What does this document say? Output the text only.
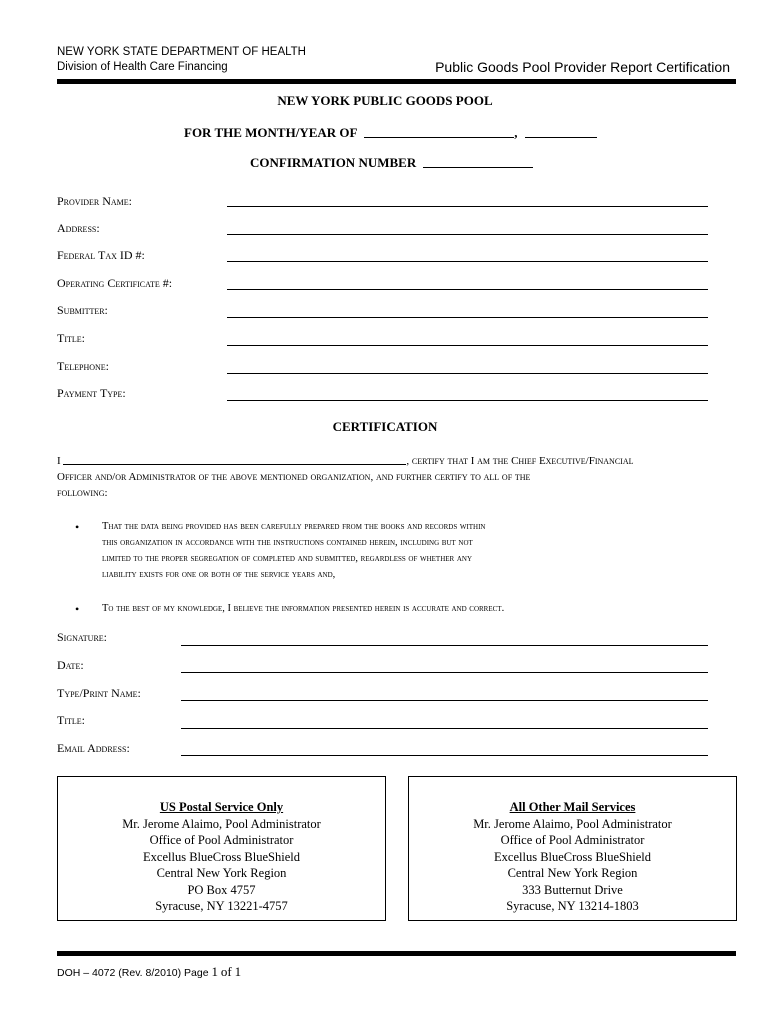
NEW YORK STATE DEPARTMENT OF HEALTH
Division of Health Care Financing	Public Goods Pool Provider Report Certification
NEW YORK PUBLIC GOODS POOL
FOR THE MONTH/YEAR OF	,
CONFIRMATION NUMBER
Provider Name:
Address:
Federal Tax ID #:
Operating Certificate #:
Submitter:
Title:
Telephone:
Payment Type:
CERTIFICATION
I	, certify that I am the Chief Executive/Financial
Officer and/or Administrator of the above mentioned organization, and further certify to all of the
following:
• That the data being provided has been carefully prepared from the books and records within
this organization in accordance with the instructions contained herein, including but not
limited to the proper segregation of completed and submitted, regardless of whether any
liability exists for one or both of the service years and,
• To the best of my knowledge, I believe the information presented herein is accurate and correct.
Signature:
Date:
Type/Print Name:
Title:
Email Address:
US Postal Service Only
Mr. Jerome Alaimo, Pool Administrator
Office of Pool Administrator
Excellus BlueCross BlueShield
Central New York Region
PO Box 4757
Syracuse, NY 13221-4757
All Other Mail Services
Mr. Jerome Alaimo, Pool Administrator
Office of Pool Administrator
Excellus BlueCross BlueShield
Central New York Region
333 Butternut Drive
Syracuse, NY 13214-1803
DOH – 4072 (Rev. 8/2010) Page 1 of 1
